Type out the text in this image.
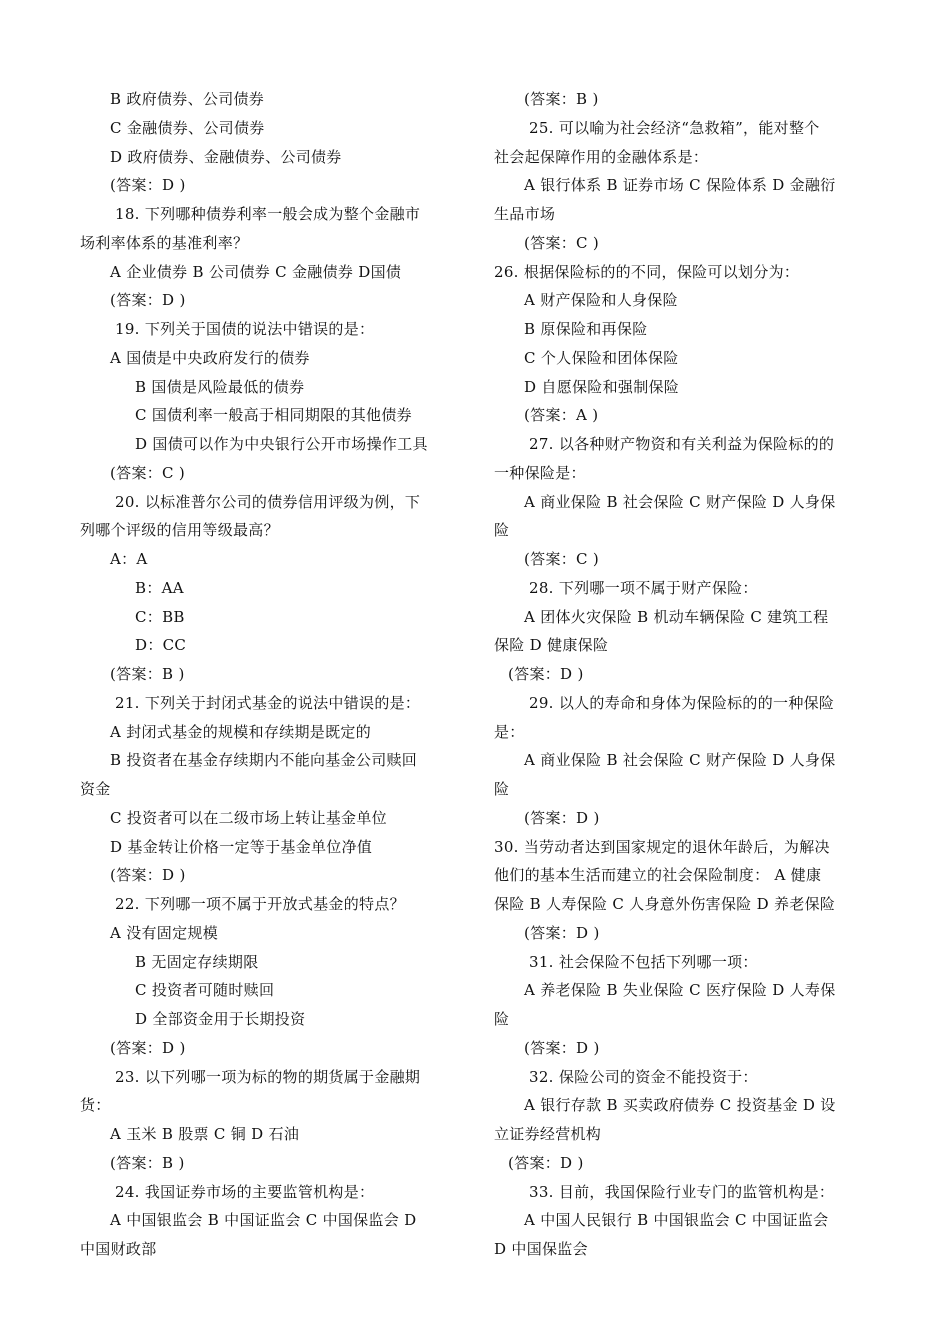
B 政府债券、公司债券
C 金融债券、公司债券
D 政府债券、金融债券、公司债券
(答案：D )
18. 下列哪种债券利率一般会成为整个金融市
场利率体系的基准利率？
A 企业债券 B 公司债券 C 金融债券 D国债
(答案：D )
19. 下列关于国债的说法中错误的是：
A 国债是中央政府发行的债券
B 国债是风险最低的债券
C 国债利率一般高于相同期限的其他债券
D 国债可以作为中央银行公开市场操作工具
(答案：C )
20. 以标准普尔公司的债券信用评级为例，下
列哪个评级的信用等级最高？
A：A
B：AA
C：BB
D：CC
(答案：B )
21. 下列关于封闭式基金的说法中错误的是：
A 封闭式基金的规模和存续期是既定的
B 投资者在基金存续期内不能向基金公司赎回
资金
C 投资者可以在二级市场上转让基金单位
D 基金转让价格一定等于基金单位净值
(答案：D )
22. 下列哪一项不属于开放式基金的特点？
A 没有固定规模
B 无固定存续期限
C 投资者可随时赎回
D 全部资金用于长期投资
(答案：D )
23. 以下列哪一项为标的物的期货属于金融期
货：
A 玉米 B 股票 C 铜 D 石油
(答案：B )
24. 我国证券市场的主要监管机构是：
A 中国银监会 B 中国证监会 C 中国保监会 D
中国财政部
(答案：B )
25. 可以喻为社会经济“急救箱”，能对整个
社会起保障作用的金融体系是：
A 银行体系 B 证券市场 C 保险体系 D 金融衍
生品市场
(答案：C )
26. 根据保险标的的不同，保险可以划分为：
A 财产保险和人身保险
B 原保险和再保险
C 个人保险和团体保险
D 自愿保险和强制保险
(答案：A )
27. 以各种财产物资和有关利益为保险标的的
一种保险是：
A 商业保险 B 社会保险 C 财产保险 D 人身保
险
(答案：C )
28. 下列哪一项不属于财产保险：
A 团体火灾保险 B 机动车辆保险 C 建筑工程
保险 D 健康保险
(答案：D )
29. 以人的寿命和身体为保险标的的一种保险
是：
A 商业保险 B 社会保险 C 财产保险 D 人身保
险
(答案：D )
30. 当劳动者达到国家规定的退休年龄后，为解决
他们的基本生活而建立的社会保险制度： A 健康
保险 B 人寿保险 C 人身意外伤害保险 D 养老保险
(答案：D )
31. 社会保险不包括下列哪一项：
A 养老保险 B 失业保险 C 医疗保险 D 人寿保
险
(答案：D )
32. 保险公司的资金不能投资于：
A 银行存款 B 买卖政府债券 C 投资基金 D 设
立证券经营机构
(答案：D )
33. 目前，我国保险行业专门的监管机构是：
A 中国人民银行 B 中国银监会 C 中国证监会
D 中国保监会
